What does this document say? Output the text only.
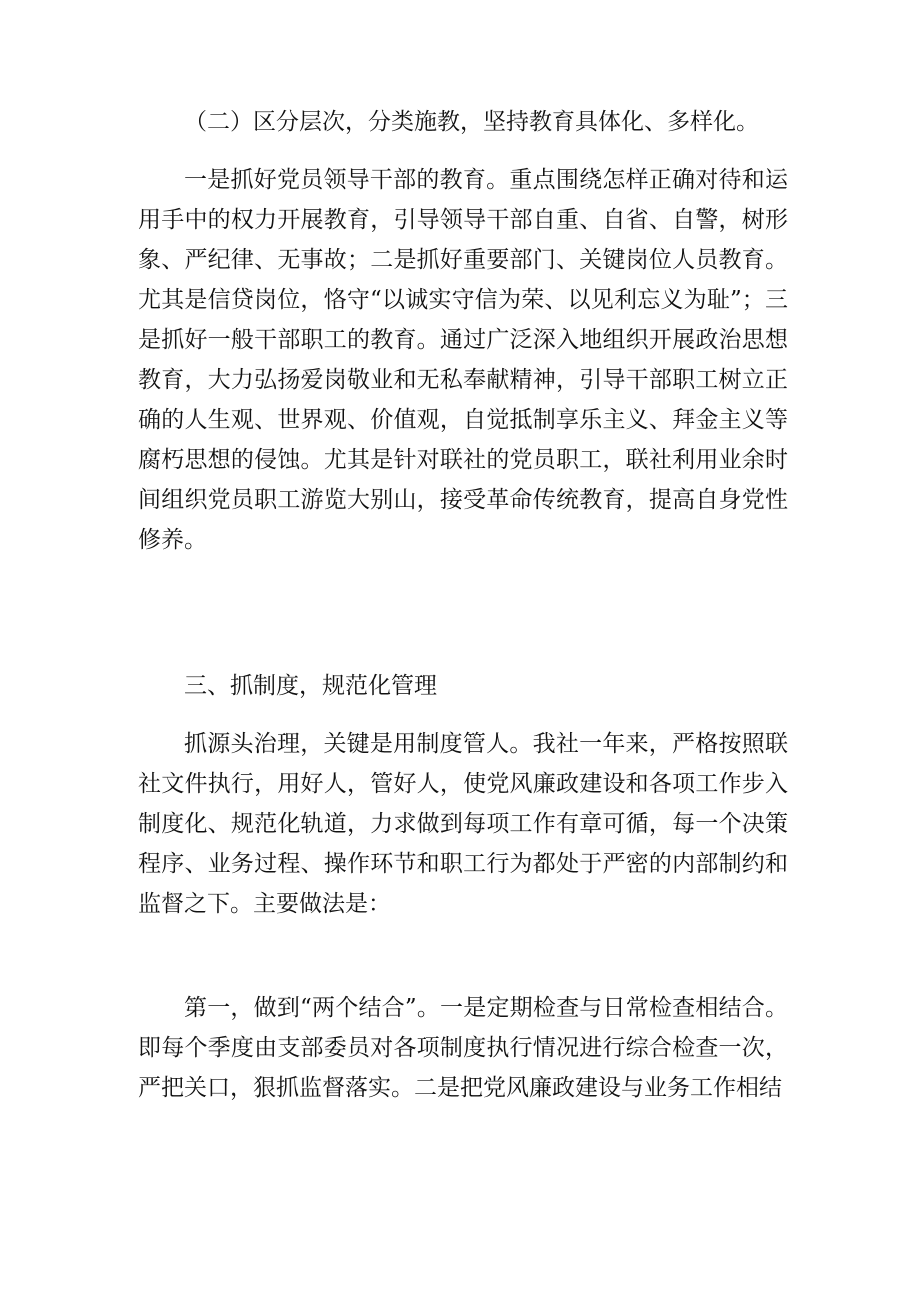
（二）区分层次，分类施教，坚持教育具体化、多样化。

一是抓好党员领导干部的教育。重点围绕怎样正确对待和运用手中的权力开展教育，引导领导干部自重、自省、自警，树形象、严纪律、无事故；二是抓好重要部门、关键岗位人员教育。尤其是信贷岗位，恪守“以诚实守信为荣、以见利忘义为耻”；三是抓好一般干部职工的教育。通过广泛深入地组织开展政治思想教育，大力弘扬爱岗敬业和无私奉献精神，引导干部职工树立正确的人生观、世界观、价值观，自觉抵制享乐主义、拜金主义等腐朽思想的侵蚀。尤其是针对联社的党员职工，联社利用业余时间组织党员职工游览大别山，接受革命传统教育，提高自身党性修养。

三、抓制度，规范化管理

抓源头治理，关键是用制度管人。我社一年来，严格按照联社文件执行，用好人，管好人，使党风廉政建设和各项工作步入制度化、规范化轨道，力求做到每项工作有章可循，每一个决策程序、业务过程、操作环节和职工行为都处于严密的内部制约和监督之下。主要做法是：

第一，做到“两个结合”。一是定期检查与日常检查相结合。即每个季度由支部委员对各项制度执行情况进行综合检查一次，严把关口，狠抓监督落实。二是把党风廉政建设与业务工作相结
